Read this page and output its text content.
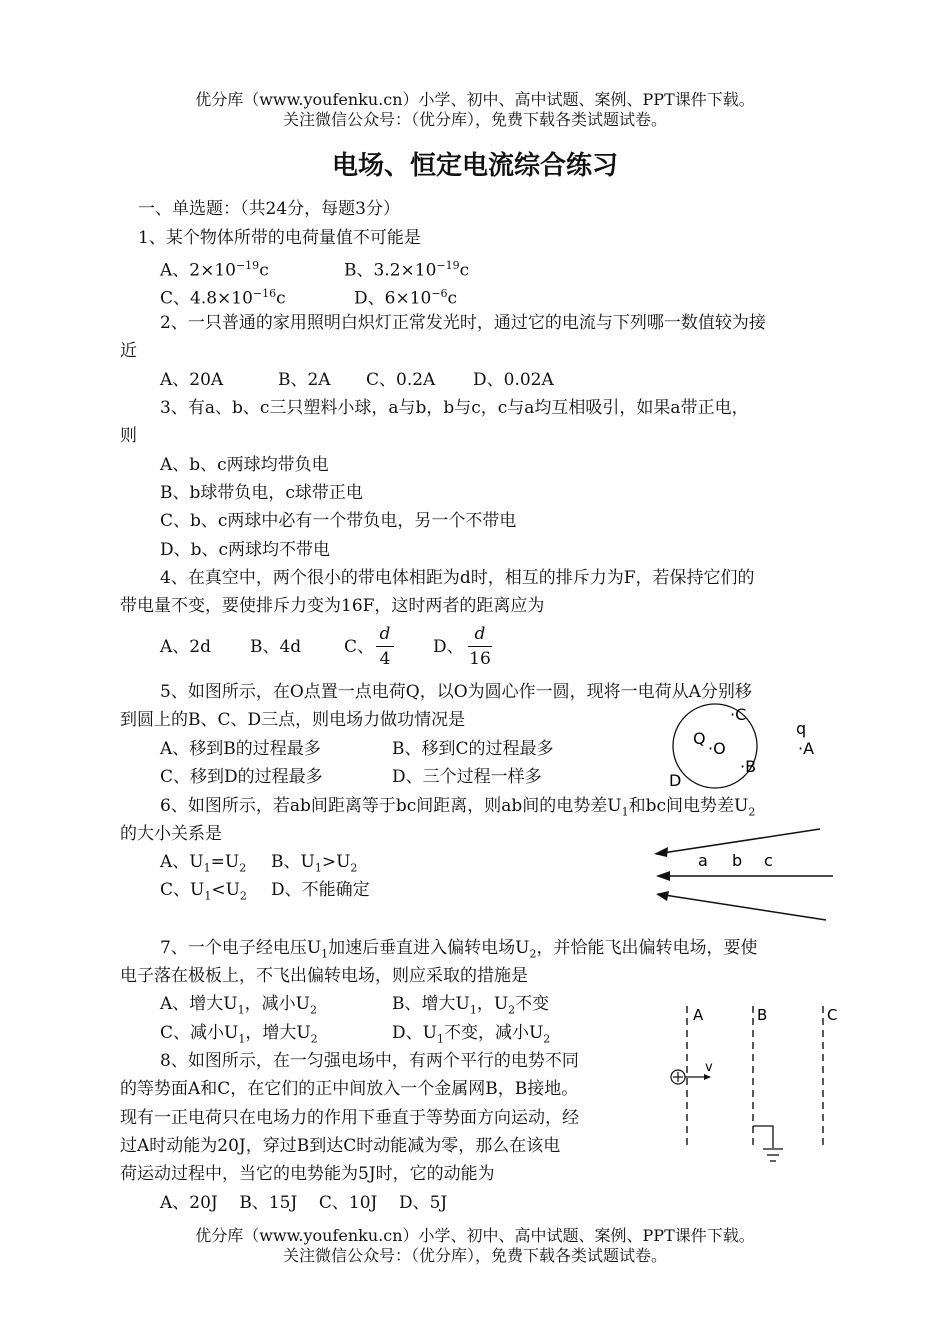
优分库（www.youfenku.cn）小学、初中、高中试题、案例、PPT课件下载。
关注微信公众号：（优分库），免费下载各类试题试卷。
电场、恒定电流综合练习
一、单选题：（共24分，每题3分）
1、某个物体所带的电荷量值不可能是
A、$2\times 10^{-19}c$	B、$3.2\times 10^{-19}c$
C、$4.8\times 10^{-16}c$	D、$6\times 10^{-6}c$
2、一只普通的家用照明白炽灯正常发光时，通过它的电流与下列哪一数值较为接
近
A、20A	B、2A C、0.2A D、0.02A
3、有a、b、c三只塑料小球，a与b，b与c，c与a均互相吸引，如果a带正电，
则
A、b、c两球均带负电
B、b球带负电，c球带正电
C、b、c两球中必有一个带负电，另一个不带电
D、b、c两球均不带电
4、在真空中，两个很小的带电体相距为d时，相互的排斥力为F，若保持它们的
带电量不变，要使排斥力变为16F，这时两者的距离应为
A、2d B、4d	C、
d
4
D、
d
16
5、如图所示，在O点置一点电荷Q，以O为圆心作一圆，现将一电荷从A分别移
到圆上的B、C、D三点，则电场力做功情况是
A、移到B的过程最多	B、移到C的过程最多
C、移到D的过程最多	D、三个过程一样多
·C
Q
·O
·B
D
q
·A
6、如图所示，若ab间距离等于bc间距离，则ab间的电势差$U_1$和bc间电势差$U_2$
的大小关系是
A、$U_1=U_2$ B、$U_1>U_2$
C、$U_1<U_2$ D、不能确定
a b c
7、一个电子经电压$U_1$加速后垂直进入偏转电场$U_2$，并恰能飞出偏转电场，要使
电子落在极板上，不飞出偏转电场，则应采取的措施是
A、增大$U_1$，减小$U_2$	B、增大$U_1$，$U_2$不变
C、减小$U_1$，增大$U_2$	D、$U_1$不变，减小$U_2$
8、如图所示，在一匀强电场中，有两个平行的电势不同
的等势面A和C，在它们的正中间放入一个金属网B，B接地。
现有一正电荷只在电场力的作用下垂直于等势面方向运动，经
过A时动能为20J，穿过B到达C时动能减为零，那么在该电
荷运动过程中，当它的电势能为5J时，它的动能为
A、20J    B、15J    C、10J    D、5J
A	B	C
v
优分库（www.youfenku.cn）小学、初中、高中试题、案例、PPT课件下载。
关注微信公众号：（优分库），免费下载各类试题试卷。
